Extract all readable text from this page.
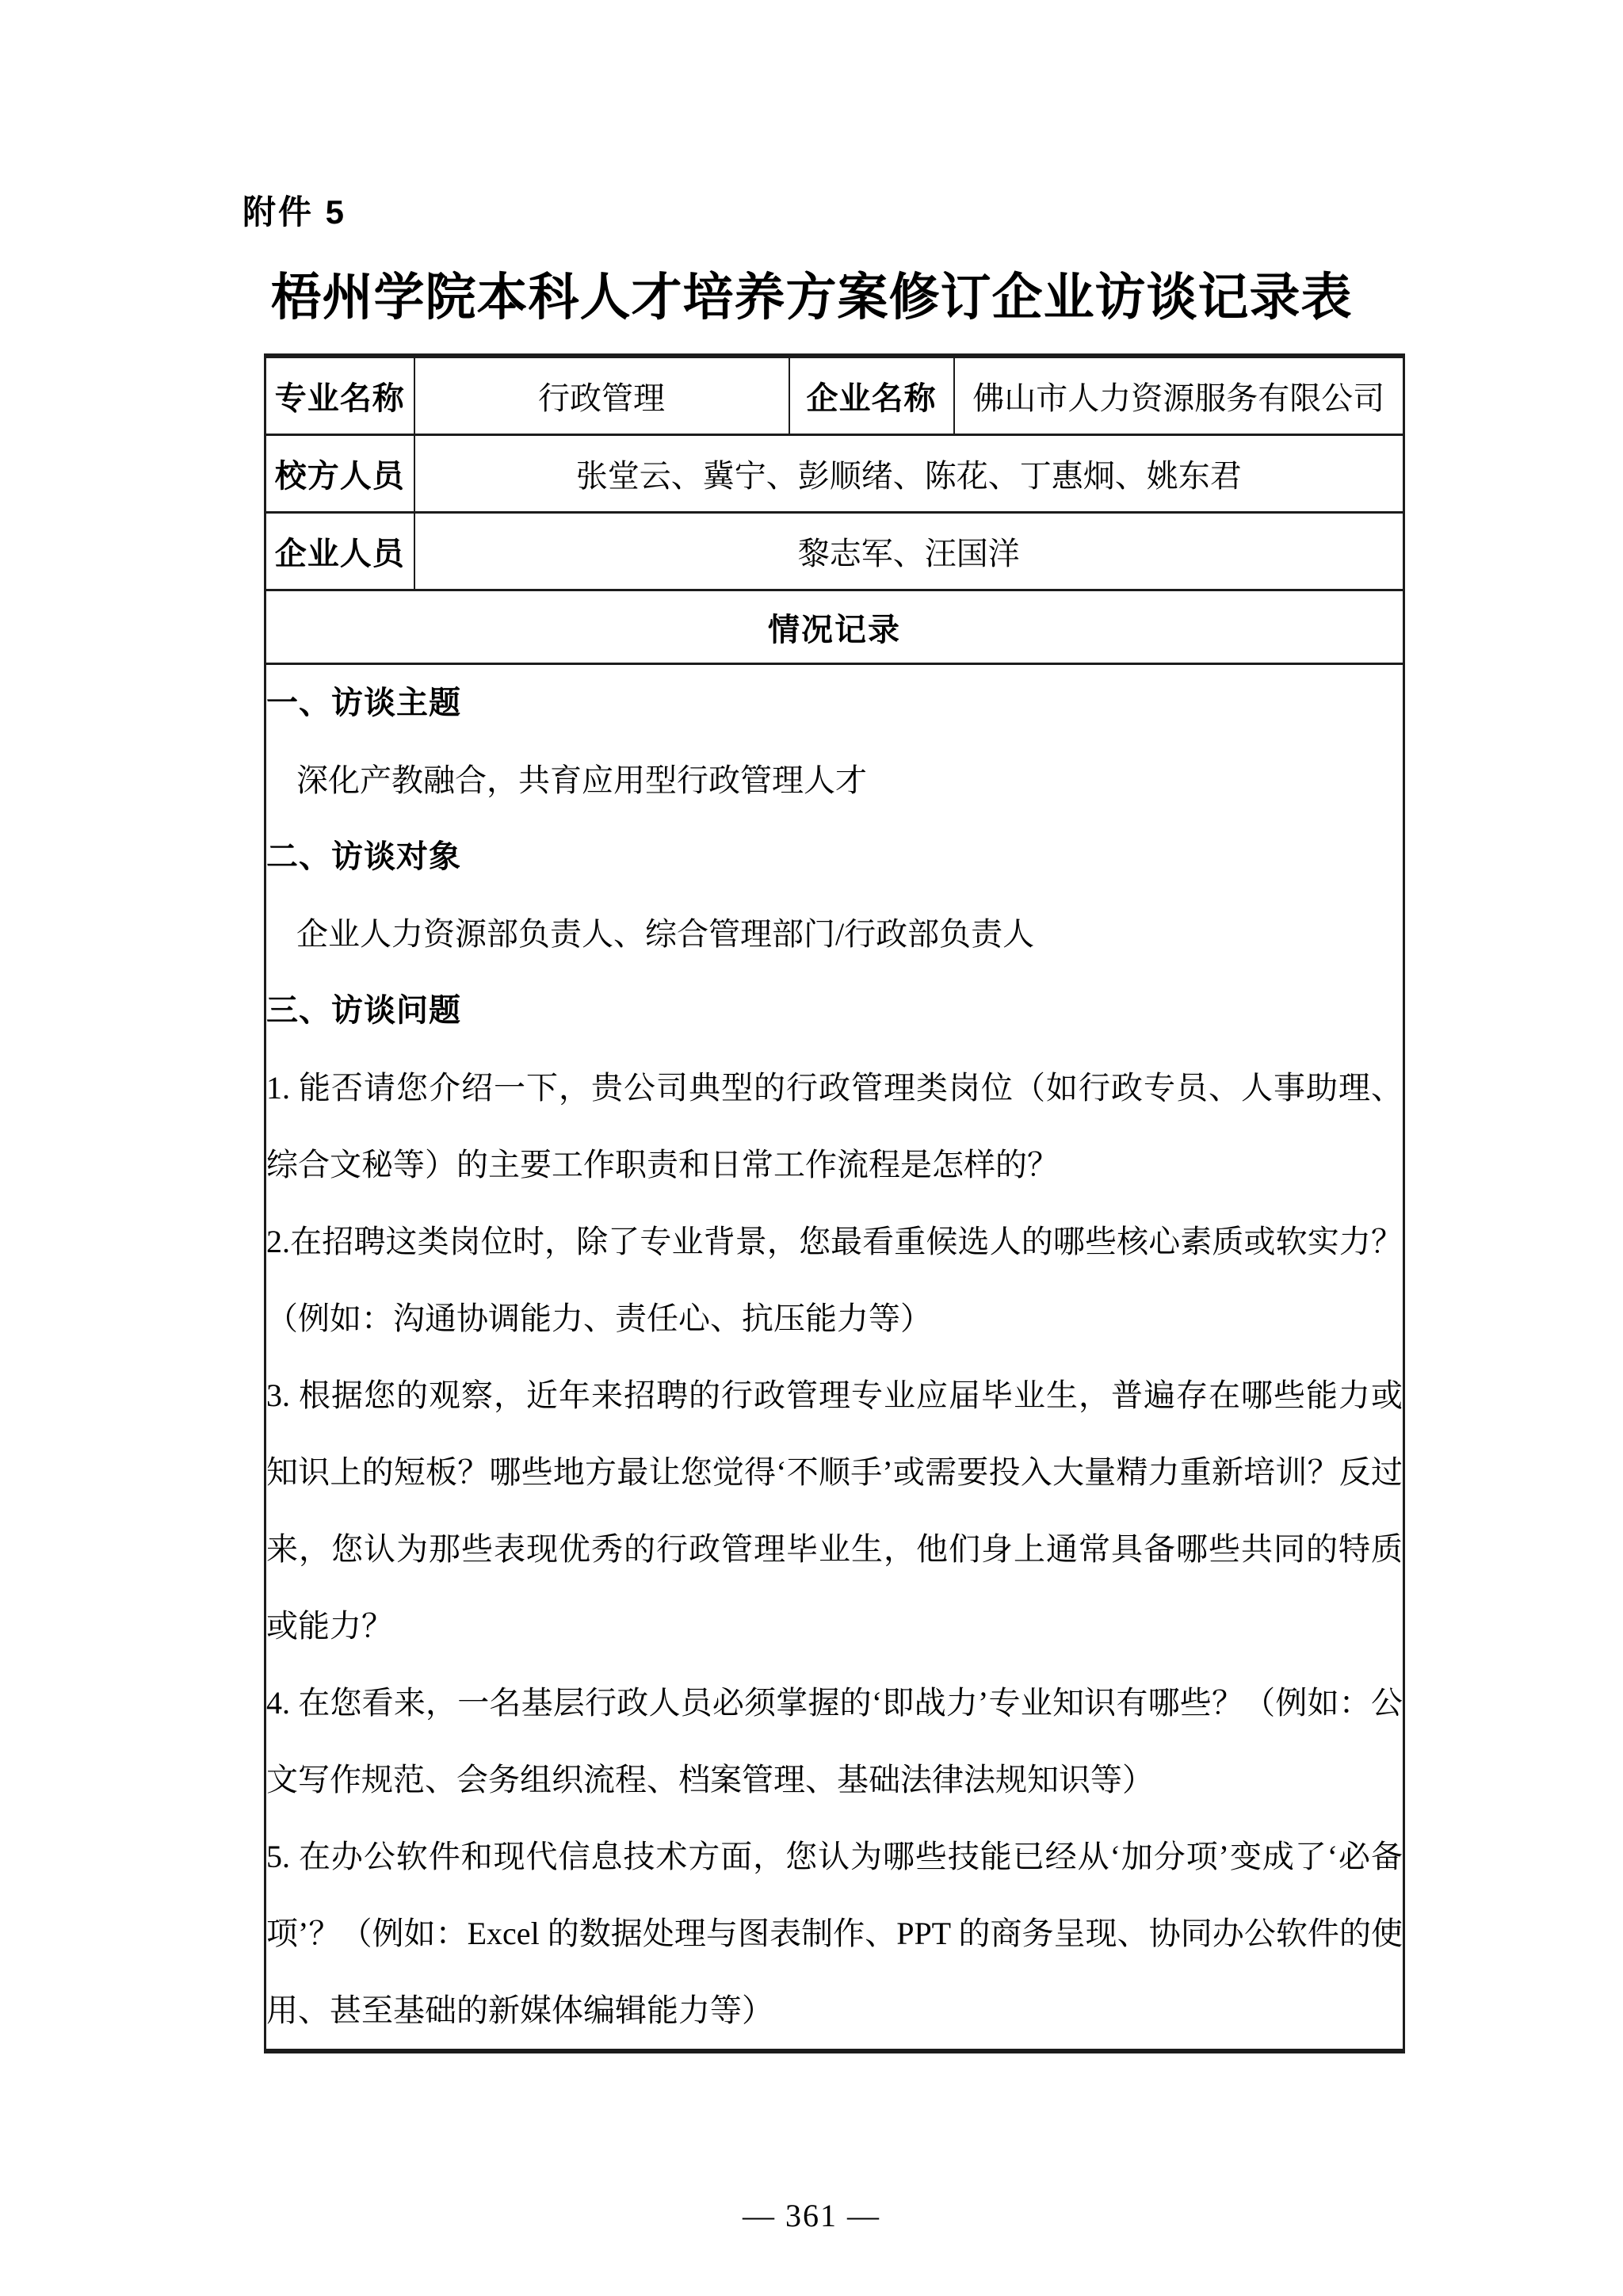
附件 5
梧州学院本科人才培养方案修订企业访谈记录表
专业名称	行政管理	企业名称	佛山市人力资源服务有限公司
校方人员	张堂云、冀宁、彭顺绪、陈花、丁惠炯、姚东君		
企业人员	黎志军、汪国洋		
情况记录			

一、访谈主题

深化产教融合，共育应用型行政管理人才

二、访谈对象

企业人力资源部负责人、综合管理部门/行政部负责人

三、访谈问题

1. 能否请您介绍一下，贵公司典型的行政管理类岗位（如行政专员、人事助理、综合文秘等）的主要工作职责和日常工作流程是怎样的？

2.在招聘这类岗位时，除了专业背景，您最看重候选人的哪些核心素质或软实力？（例如：沟通协调能力、责任心、抗压能力等）

3. 根据您的观察，近年来招聘的行政管理专业应届毕业生，普遍存在哪些能力或知识上的短板？哪些地方最让您觉得‘不顺手’或需要投入大量精力重新培训？反过来，您认为那些表现优秀的行政管理毕业生，他们身上通常具备哪些共同的特质或能力？

4. 在您看来，一名基层行政人员必须掌握的‘即战力’专业知识有哪些？（例如：公文写作规范、会务组织流程、档案管理、基础法律法规知识等）

5. 在办公软件和现代信息技术方面，您认为哪些技能已经从‘加分项’变成了‘必备项’？（例如：Excel 的数据处理与图表制作、PPT 的商务呈现、协同办公软件的使用、甚至基础的新媒体编辑能力等）

— 361 —
